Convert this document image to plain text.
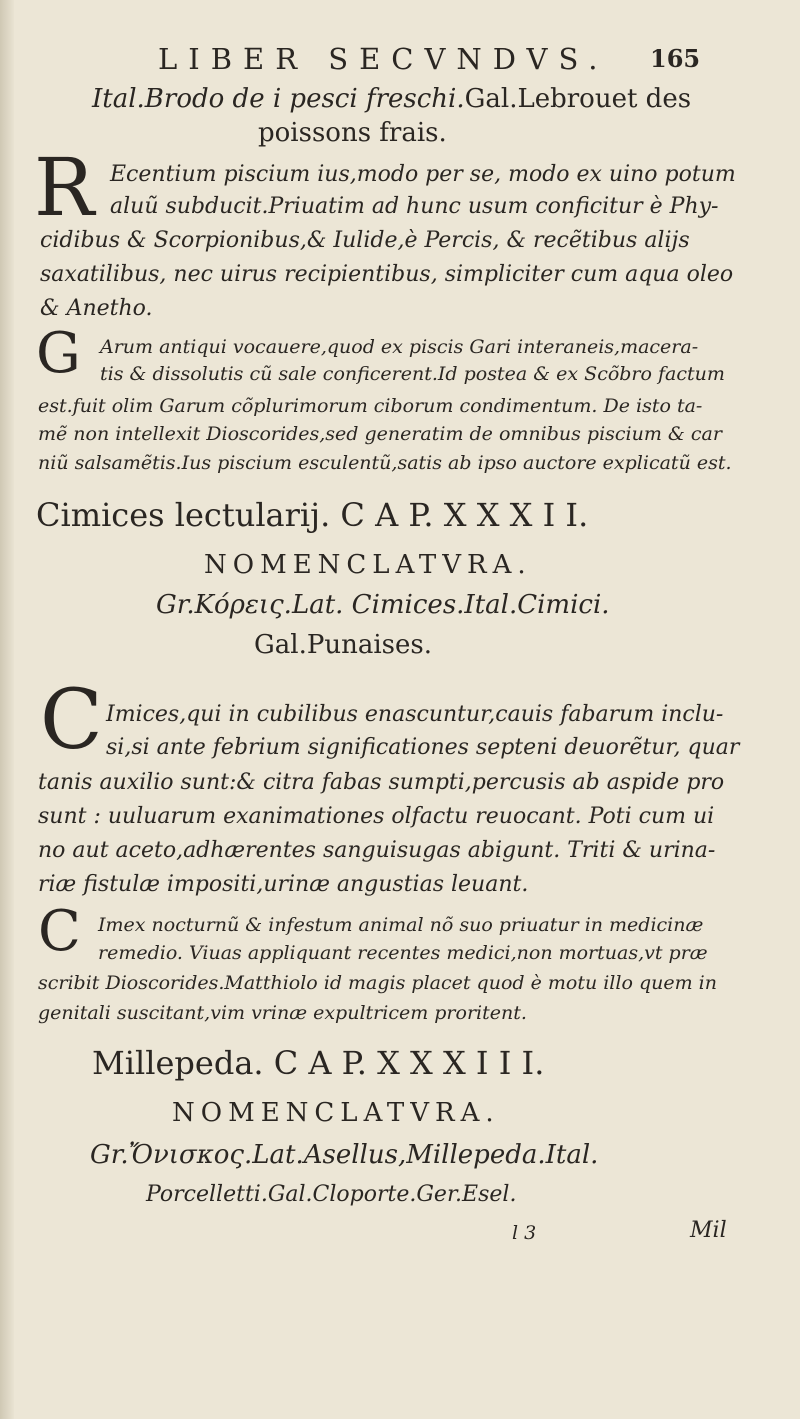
LIBER SECVNDVS. 165
Ital.Brodo de i pesci freschi.Gal.Lebrouet des
poissons frais.
R Ecentium piscium ius,modo per se, modo ex uino potum
aluũ subducit.Priuatim ad hunc usum conficitur è Phy-
cidibus & Scorpionibus,& Iulide,è Percis, & recẽtibus alijs
saxatilibus, nec uirus recipientibus, simpliciter cum aqua oleo
& Anetho.
G Arum antiqui vocauere,quod ex piscis Gari interaneis,macera-
tis & dissolutis cũ sale conficerent.Id postea & ex Scõbro factum
est.fuit olim Garum cõplurimorum ciborum condimentum. De isto ta-
mẽ non intellexit Dioscorides,sed generatim de omnibus piscium & car
niũ salsamẽtis.Ius piscium esculentũ,satis ab ipso auctore explicatũ est.
Cimices lectularij. C A P. X X X I I.
NOMENCLATVRA.
Gr.Κόρεις.Lat. Cimices.Ital.Cimici.
Gal.Punaises.
C Imices,qui in cubilibus enascuntur,cauis fabarum inclu-
si,si ante febrium significationes septeni deuorẽtur, quar
tanis auxilio sunt:& citra fabas sumpti,percusis ab aspide pro
sunt : uuluarum exanimationes olfactu reuocant. Poti cum ui
no aut aceto,adhærentes sanguisugas abigunt. Triti & urina-
riæ fistulæ impositi,urinæ angustias leuant.
C Imex nocturnũ & infestum animal nõ suo priuatur in medicinæ
remedio. Viuas appliquant recentes medici,non mortuas,vt præ
scribit Dioscorides.Matthiolo id magis placet quod è motu illo quem in
genitali suscitant,vim vrinæ expultricem proritent.
Millepeda. C A P. X X X I I I.
NOMENCLATVRA.
Gr.Ὄνισκος.Lat.Asellus,Millepeda.Ital.
Porcelletti.Gal.Cloporte.Ger.Esel.
l 3	Mil
